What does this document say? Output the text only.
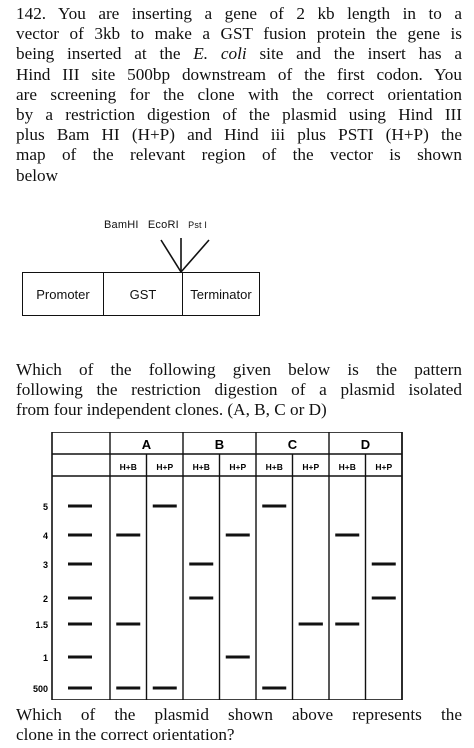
142. You are inserting a gene of 2 kb length in to a
vector of 3kb to make a GST fusion protein the gene is
being inserted at the E. coli site and the insert has a
Hind III site 500bp downstream of the first codon. You
are screening for the clone with the correct orientation
by a restriction digestion of the plasmid using Hind III
plus Bam HI (H+P) and Hind iii plus PSTI (H+P) the
map of the relevant region of the vector is shown
below
BamHI EcoRI Pst I
Promoter	GST	Terminator
Which of the following given below is the pattern
following the restriction digestion of a plasmid isolated
from four independent clones. (A, B, C or D)
A	B	C	D
H+B H+P H+B H+P H+B H+P H+B H+P
5
4
3
2
1.5
1
500
Which of the plasmid shown above represents the
clone in the correct orientation?
